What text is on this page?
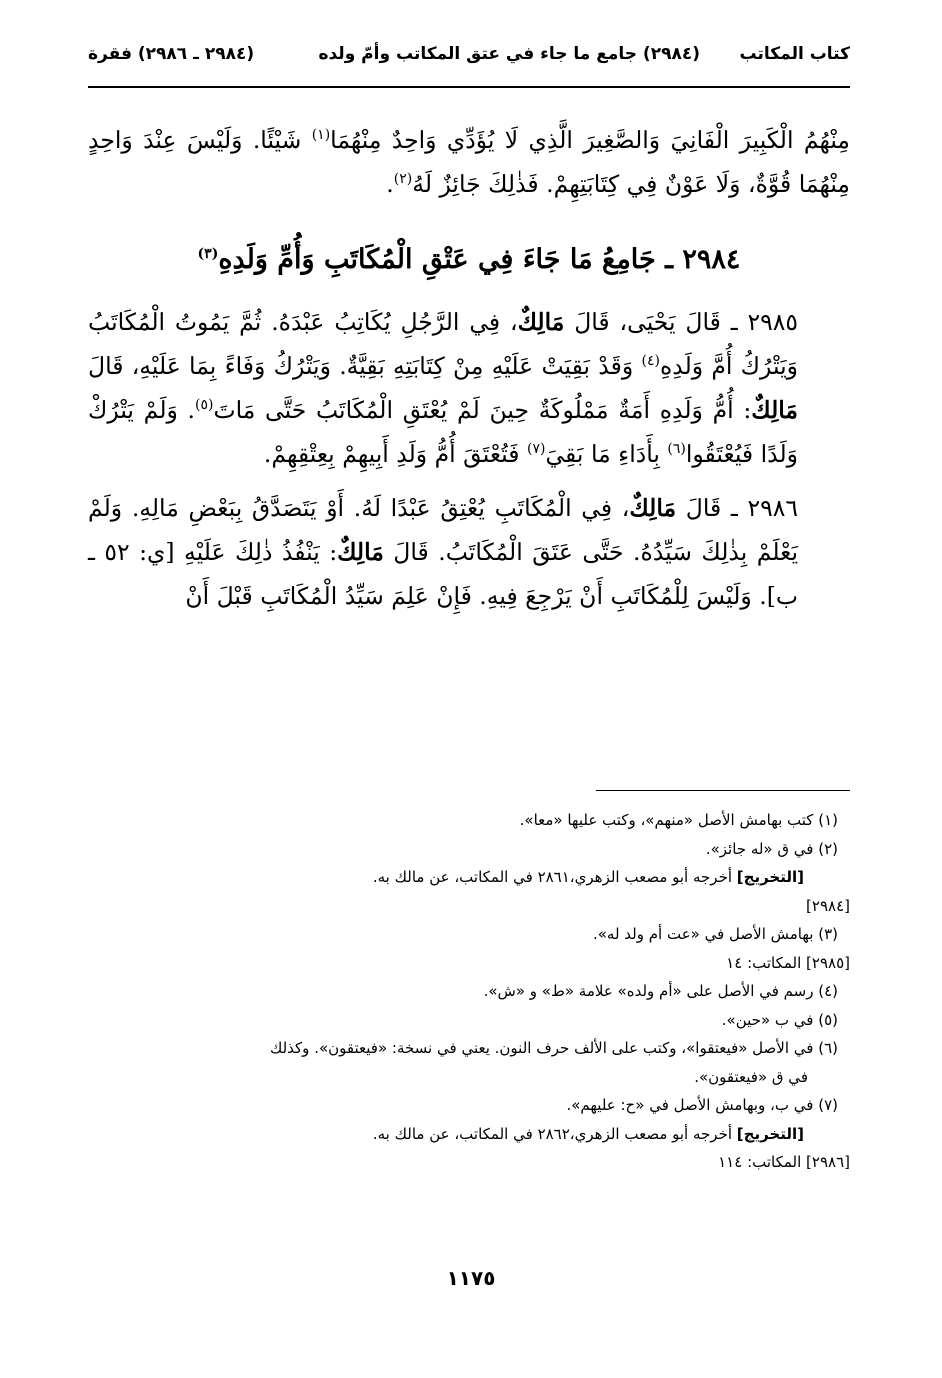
كتاب المكاتب
(٢٩٨٤) جامع ما جاء في عتق المكاتب وأمّ ولده
(٢٩٨٤ ـ ٢٩٨٦) فقرة

مِنْهُمُ الْكَبِيرَ الْفَانِيَ وَالصَّغِيرَ الَّذِي لَا يُؤَدِّي وَاحِدٌ مِنْهُمَا$^{(١)}$ شَيْئًا. وَلَيْسَ عِنْدَ وَاحِدٍ مِنْهُمَا قُوَّةٌ، وَلَا عَوْنٌ فِي كِتَابَتِهِمْ. فَذٰلِكَ جَائِزٌ لَهُ$^{(٢)}$.

٢٩٨٤ ـ جَامِعُ مَا جَاءَ فِي عَتْقِ الْمُكَاتَبِ وَأُمِّ وَلَدِهِ$^{(٣)}$

٢٩٨٥ ـ قَالَ يَحْيَى، قَالَ مَالِكٌ، فِي الرَّجُلِ يُكَاتِبُ عَبْدَهُ. ثُمَّ يَمُوتُ الْمُكَاتَبُ وَيَتْرُكُ أُمَّ وَلَدِهِ$^{(٤)}$ وَقَدْ بَقِيَتْ عَلَيْهِ مِنْ كِتَابَتِهِ بَقِيَّةٌ. وَيَتْرُكُ وَفَاءً بِمَا عَلَيْهِ، قَالَ مَالِكٌ: أُمُّ وَلَدِهِ أَمَةٌ مَمْلُوكَةٌ حِينَ لَمْ يُعْتَقِ الْمُكَاتَبُ حَتَّى مَاتَ$^{(٥)}$. وَلَمْ يَتْرُكْ وَلَدًا فَيُعْتَقُوا$^{(٦)}$ بِأَدَاءِ مَا بَقِيَ$^{(٧)}$ فَتُعْتَقَ أُمُّ وَلَدِ أَبِيهِمْ بِعِتْقِهِمْ.

٢٩٨٦ ـ قَالَ مَالِكٌ، فِي الْمُكَاتَبِ يُعْتِقُ عَبْدًا لَهُ. أَوْ يَتَصَدَّقُ بِبَعْضِ مَالِهِ. وَلَمْ يَعْلَمْ بِذٰلِكَ سَيِّدُهُ. حَتَّى عَتَقَ الْمُكَاتَبُ. قَالَ مَالِكٌ: يَنْفُذُ ذٰلِكَ عَلَيْهِ [ي: ٥٢ ـ ب]. وَلَيْسَ لِلْمُكَاتَبِ أَنْ يَرْجِعَ فِيهِ. فَإِنْ عَلِمَ سَيِّدُ الْمُكَاتَبِ قَبْلَ أَنْ

(١) كتب بهامش الأصل «منهم»، وكتب عليها «معا».
(٢) في ق «له جائز».
[التخريج] أخرجه أبو مصعب الزهري،٢٨٦١ في المكاتب، عن مالك به.
[٢٩٨٤]
(٣) بهامش الأصل في «عت أم ولد له».
[٢٩٨٥] المكاتب: ١٤
(٤) رسم في الأصل على «أم ولده» علامة «ط» و «ش».
(٥) في ب «حين».
(٦) في الأصل «فيعتقوا»، وكتب على الألف حرف النون. يعني في نسخة: «فيعتقون». وكذلك
في ق «فيعتقون».
(٧) في ب، وبهامش الأصل في «ح: عليهم».
[التخريج] أخرجه أبو مصعب الزهري،٢٨٦٢ في المكاتب، عن مالك به.
[٢٩٨٦] المكاتب: ١١٤
١١٧٥
